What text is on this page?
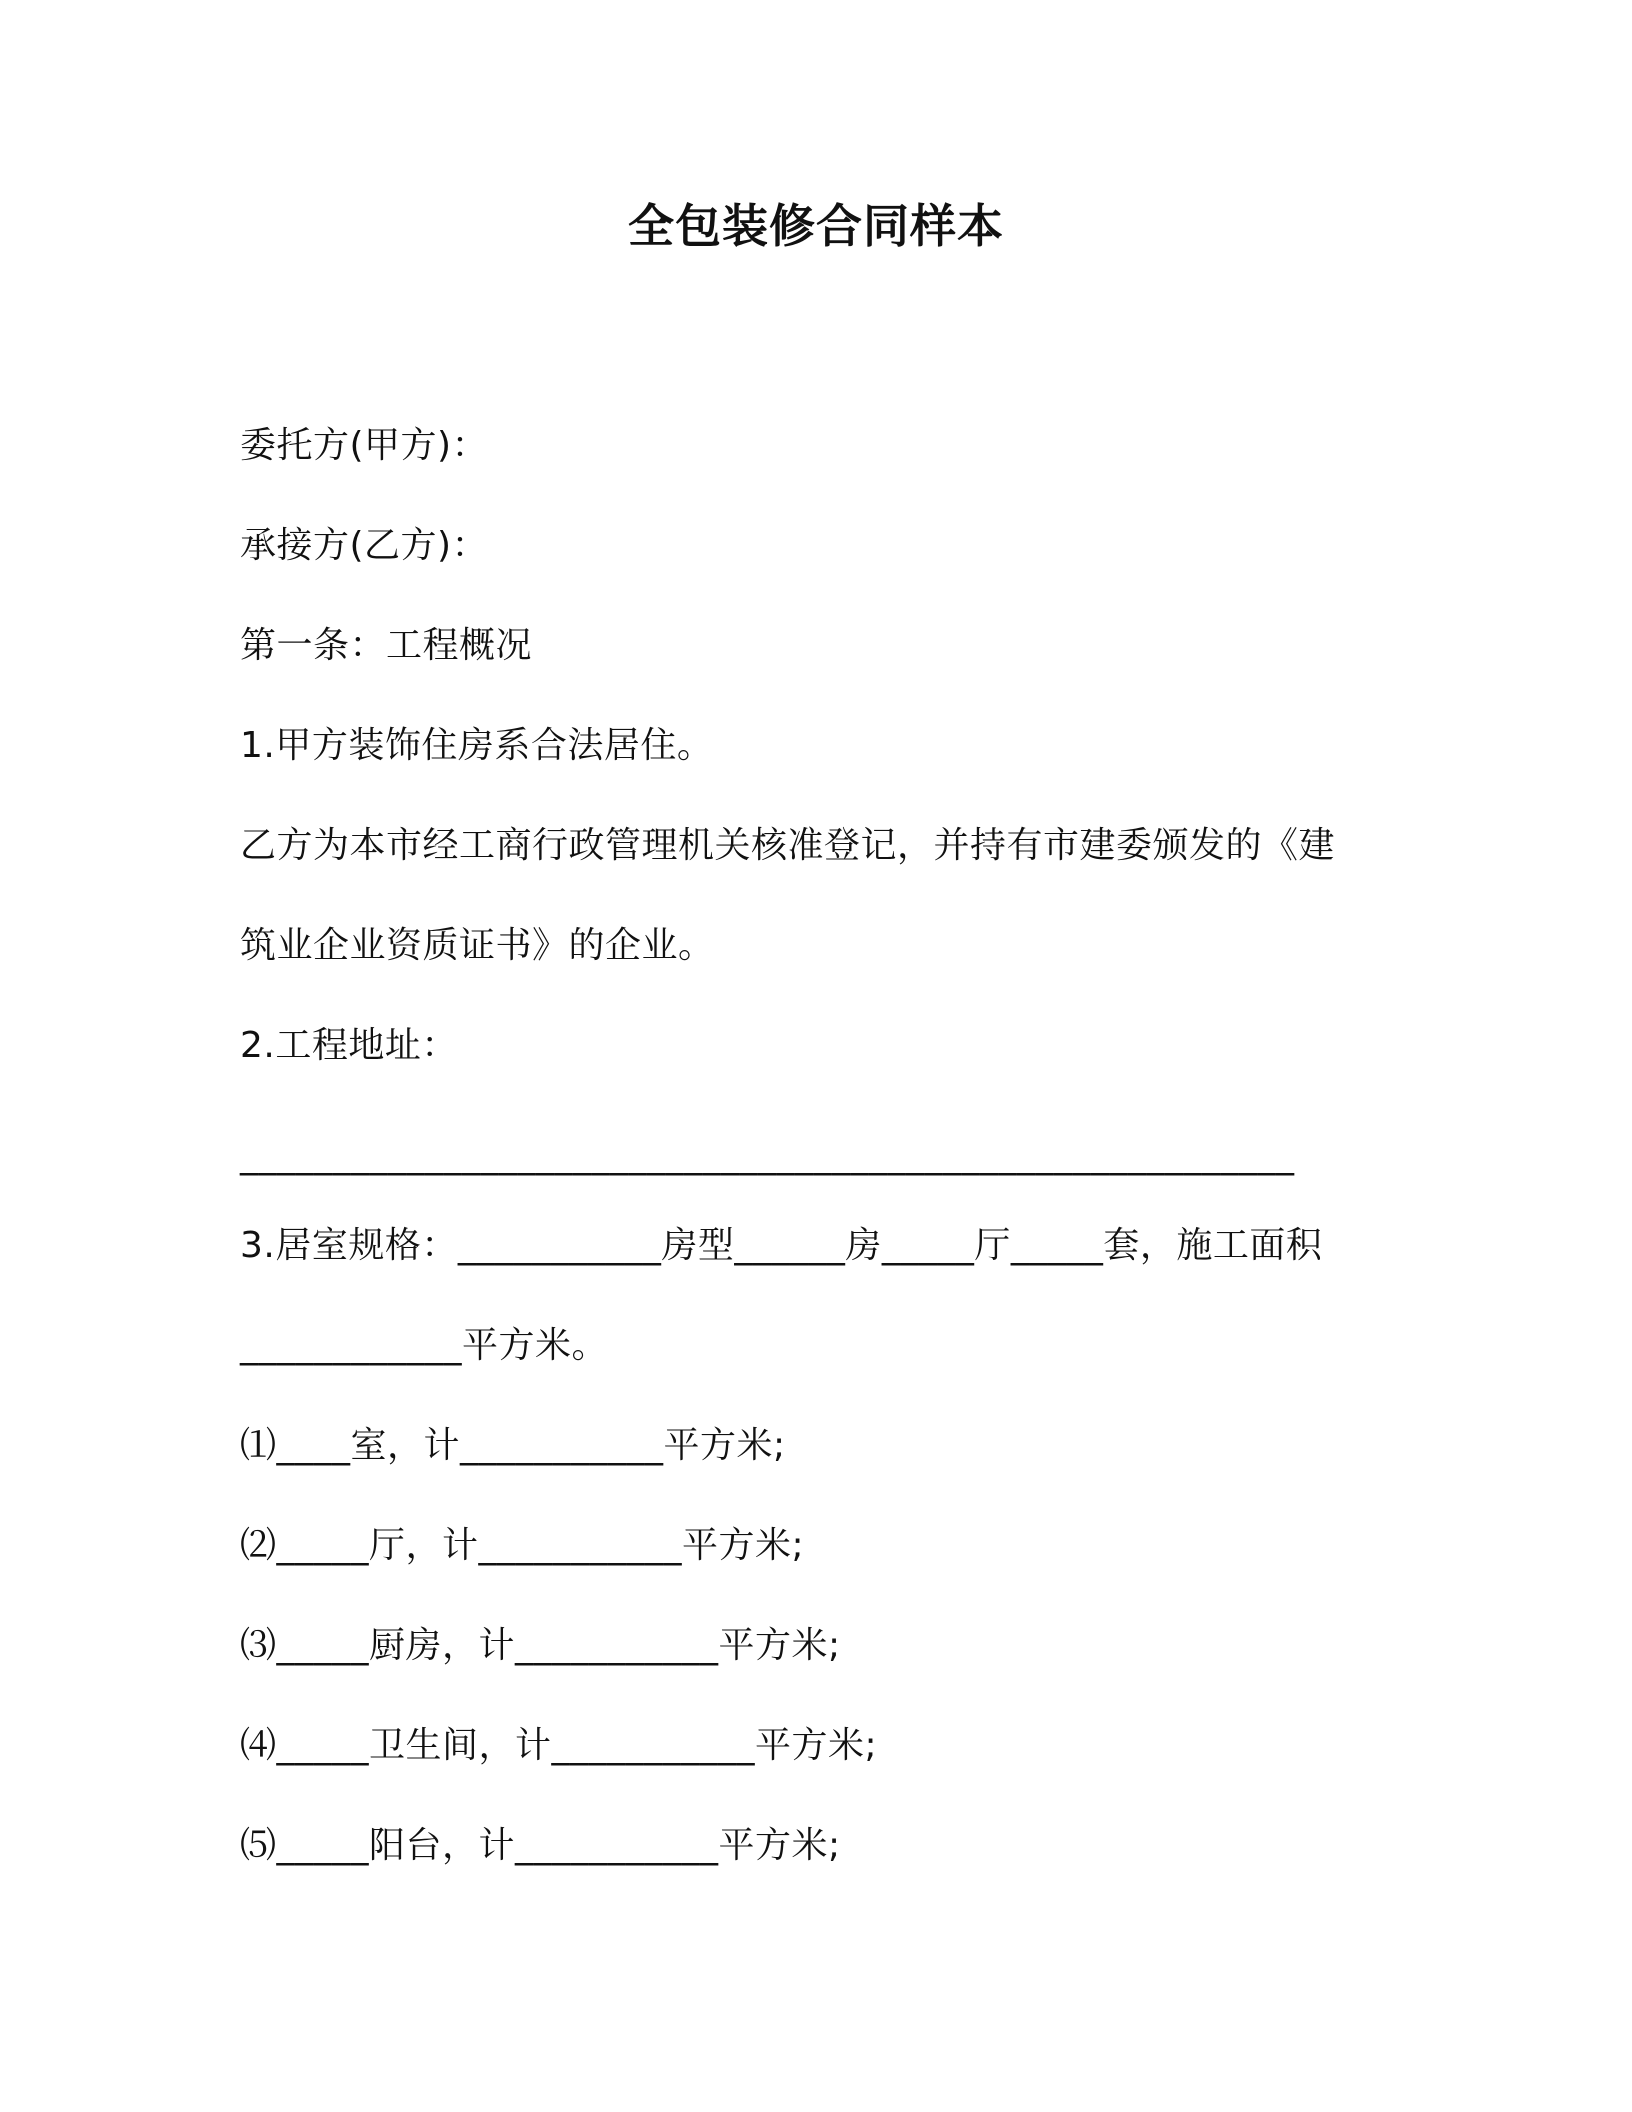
全包装修合同样本
委托方(甲方)：
承接方(乙方)：
第一条：工程概况
1.甲方装饰住房系合法居住。
乙方为本市经工商行政管理机关核准登记，并持有市建委颁发的《建
筑业企业资质证书》的企业。
2.工程地址：
_________________________________________________________
3.居室规格：___________房型______房_____厅_____套，施工面积
____________平方米。
⑴____室，计___________平方米;
⑵_____厅，计___________平方米;
⑶_____厨房，计___________平方米;
⑷_____卫生间，计___________平方米;
⑸_____阳台，计___________平方米;
